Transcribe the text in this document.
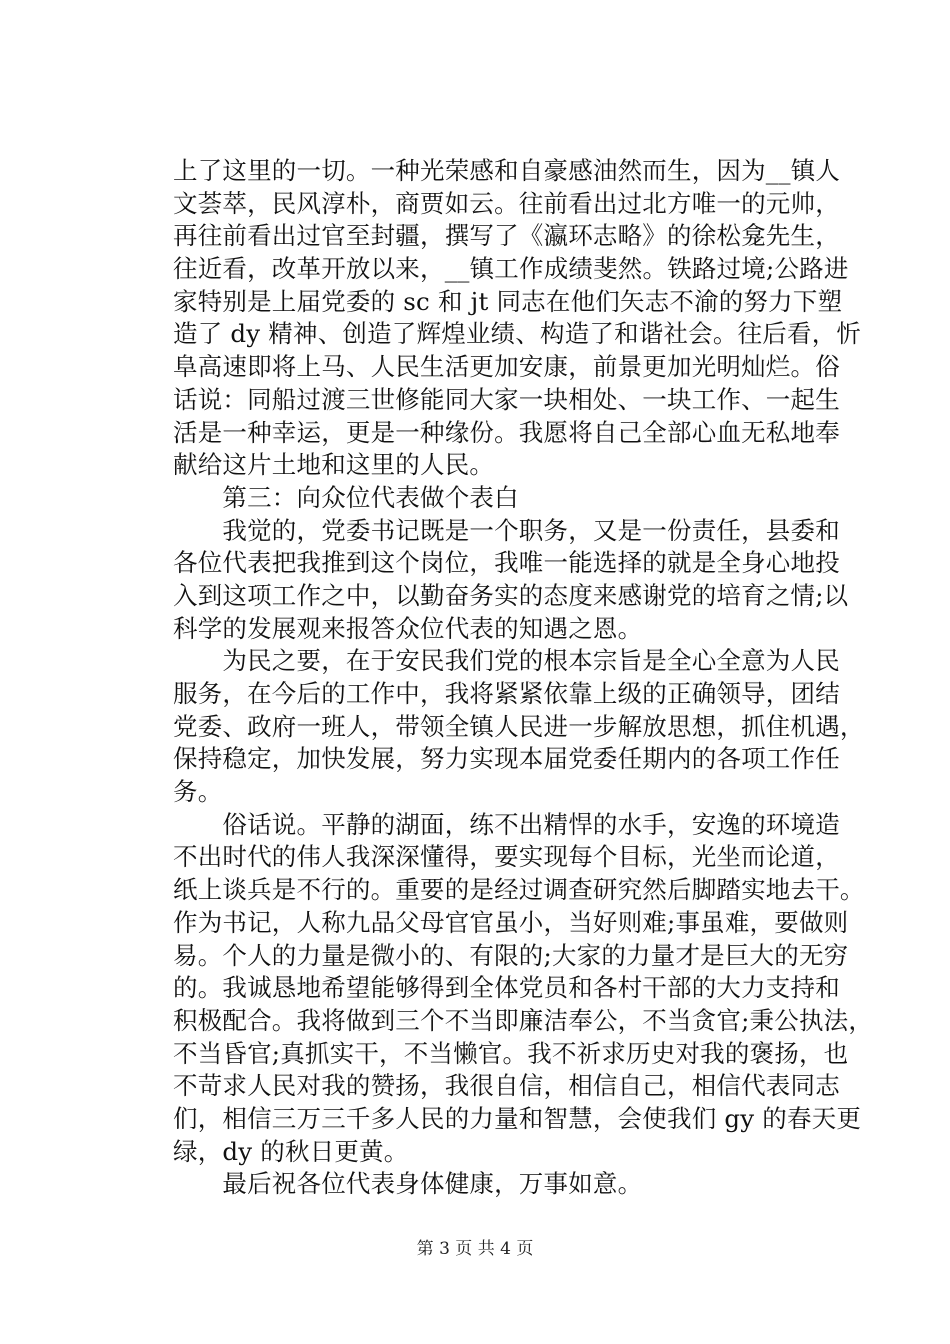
上了这里的一切。一种光荣感和自豪感油然而生，因为__镇人
文荟萃，民风淳朴，商贾如云。往前看出过北方唯一的元帅，
再往前看出过官至封疆，撰写了《瀛环志略》的徐松龛先生，
往近看，改革开放以来，__镇工作成绩斐然。铁路过境;公路进
家特别是上届党委的 sc 和 jt 同志在他们矢志不渝的努力下塑
造了 dy 精神、创造了辉煌业绩、构造了和谐社会。往后看，忻
阜高速即将上马、人民生活更加安康，前景更加光明灿烂。俗
话说：同船过渡三世修能同大家一块相处、一块工作、一起生
活是一种幸运，更是一种缘份。我愿将自己全部心血无私地奉
献给这片土地和这里的人民。
　　第三：向众位代表做个表白
　　我觉的，党委书记既是一个职务，又是一份责任，县委和
各位代表把我推到这个岗位，我唯一能选择的就是全身心地投
入到这项工作之中，以勤奋务实的态度来感谢党的培育之情;以
科学的发展观来报答众位代表的知遇之恩。
　　为民之要，在于安民我们党的根本宗旨是全心全意为人民
服务，在今后的工作中，我将紧紧依靠上级的正确领导，团结
党委、政府一班人，带领全镇人民进一步解放思想，抓住机遇，
保持稳定，加快发展，努力实现本届党委任期内的各项工作任
务。
　　俗话说。平静的湖面，练不出精悍的水手，安逸的环境造
不出时代的伟人我深深懂得，要实现每个目标，光坐而论道，
纸上谈兵是不行的。重要的是经过调查研究然后脚踏实地去干。
作为书记，人称九品父母官官虽小，当好则难;事虽难，要做则
易。个人的力量是微小的、有限的;大家的力量才是巨大的无穷
的。我诚恳地希望能够得到全体党员和各村干部的大力支持和
积极配合。我将做到三个不当即廉洁奉公，不当贪官;秉公执法，
不当昏官;真抓实干，不当懒官。我不祈求历史对我的褒扬，也
不苛求人民对我的赞扬，我很自信，相信自己，相信代表同志
们，相信三万三千多人民的力量和智慧，会使我们 gy 的春天更
绿，dy 的秋日更黄。
　　最后祝各位代表身体健康，万事如意。
第 3 页 共 4 页
